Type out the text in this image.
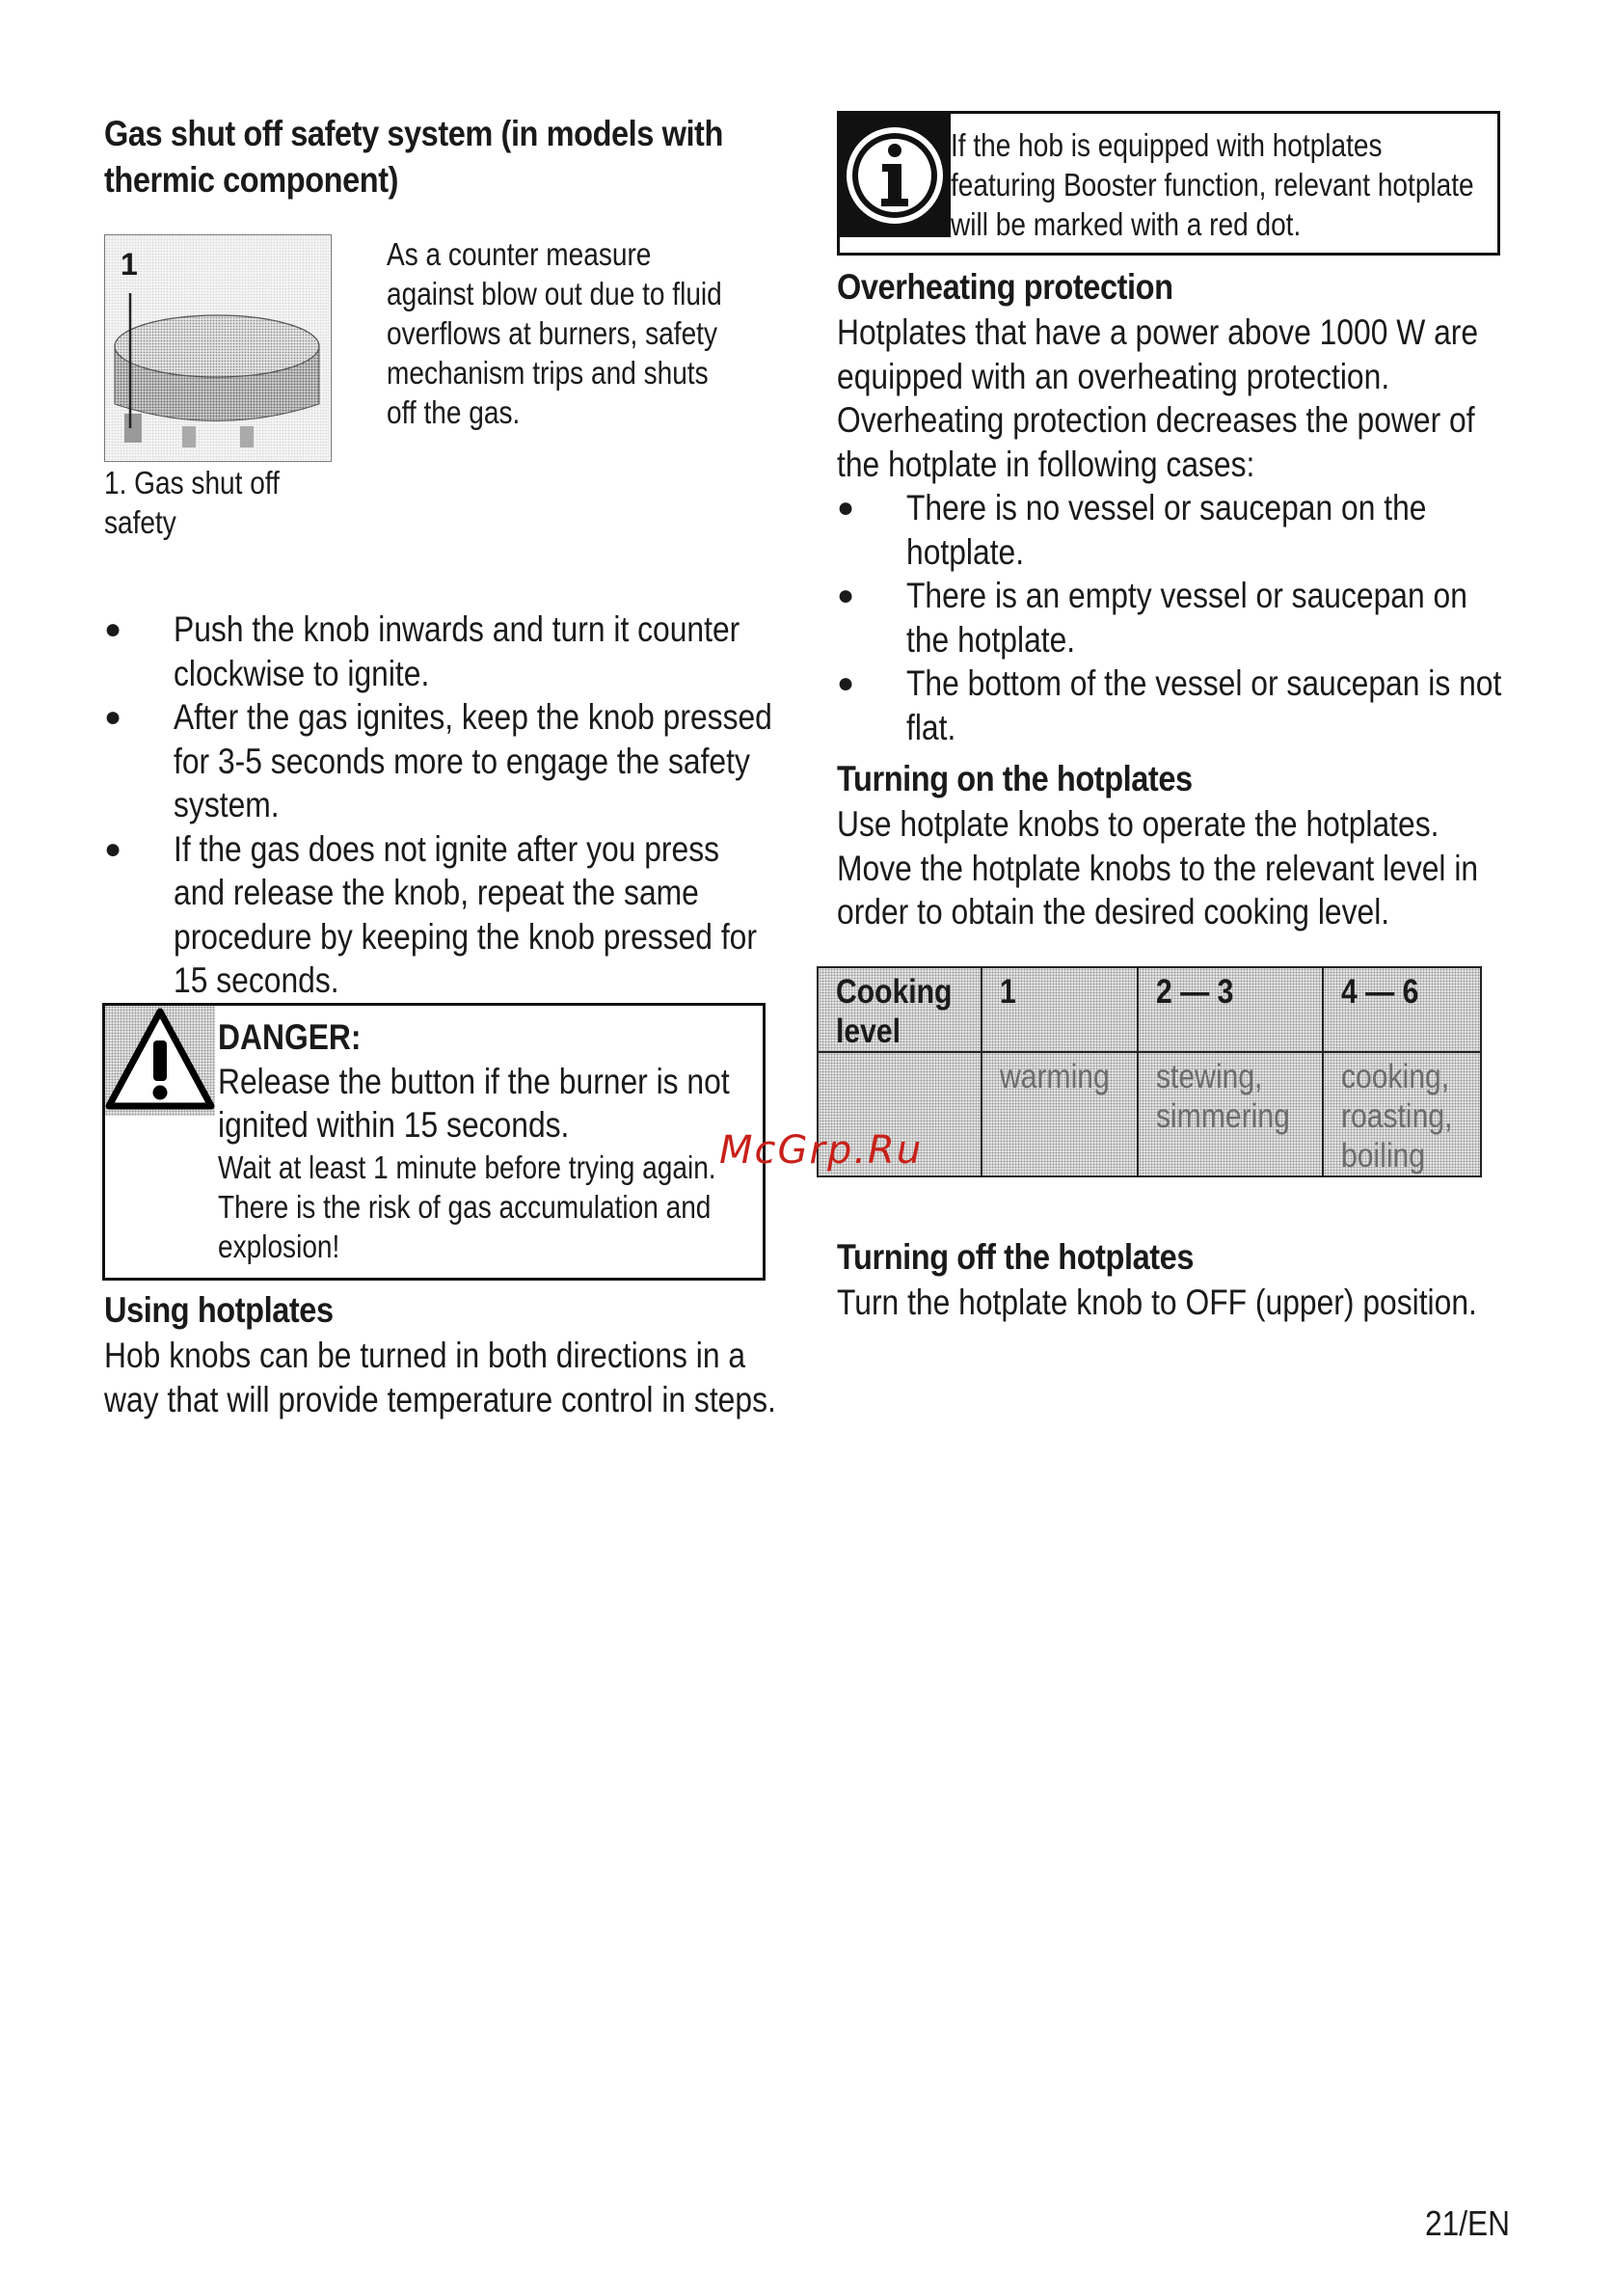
Gas shut off safety system (in models with

thermic component)

1	As a counter measure

against blow out due to fluid

overflows at burners, safety

mechanism trips and shuts

off the gas.

1. Gas shut off

safety

● Push the knob inwards and turn it counter

clockwise to ignite.

● After the gas ignites, keep the knob pressed

for 3-5 seconds more to engage the safety

system.

● If the gas does not ignite after you press

and release the knob, repeat the same

procedure by keeping the knob pressed for

15 seconds.

DANGER:

Release the button if the burner is not

ignited within 15 seconds.

Wait at least 1 minute before trying again.

There is the risk of gas accumulation and

explosion!

Using hotplates

Hob knobs can be turned in both directions in a

way that will provide temperature control in steps.

If the hob is equipped with hotplates

featuring Booster function, relevant hotplate

will be marked with a red dot.

Overheating protection

Hotplates that have a power above 1000 W are

equipped with an overheating protection.

Overheating protection decreases the power of

the hotplate in following cases:

● There is no vessel or saucepan on the

hotplate.

● There is an empty vessel or saucepan on

the hotplate.

● The bottom of the vessel or saucepan is not

flat.

Turning on the hotplates

Use hotplate knobs to operate the hotplates.

Move the hotplate knobs to the relevant level in

order to obtain the desired cooking level.

Cooking
level	1	2 — 3	4 — 6
	warming	stewing,
simmering	cooking,
roasting,
boiling

Turning off the hotplates

Turn the hotplate knob to OFF (upper) position.

McGrp.Ru
21/EN
